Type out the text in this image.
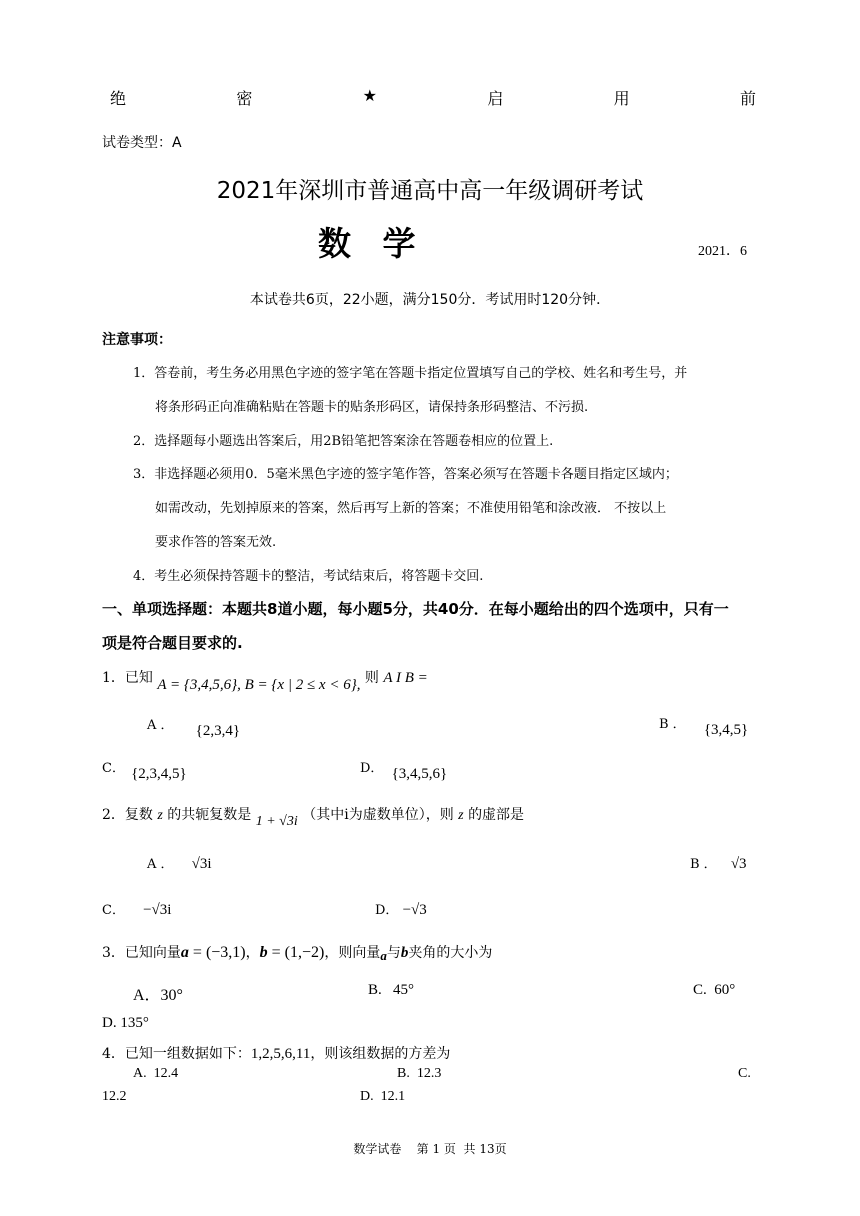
绝	密	★	启	用	前
试卷类型：A
2021年深圳市普通高中高一年级调研考试
数 学	2021．6
本试卷共6页，22小题，满分150分．考试用时120分钟．
注意事项：
1．答卷前，考生务必用黑色字迹的签字笔在答题卡指定位置填写自己的学校、姓名和考生号，并
将条形码正向准确粘贴在答题卡的贴条形码区，请保持条形码整洁、不污损.
2．选择题每小题选出答案后，用2B铅笔把答案涂在答题卷相应的位置上.
3．非选择题必须用0．5毫米黑色字迹的签字笔作答，答案必须写在答题卡各题目指定区域内；
如需改动，先划掉原来的答案，然后再写上新的答案；不准使用铅笔和涂改液． 不按以上
要求作答的答案无效.
4．考生必须保持答题卡的整洁，考试结束后，将答题卡交回.
一、单项选择题：本题共8道小题，每小题5分，共40分．在每小题给出的四个选项中，只有一
项是符合题目要求的.
1．已知 A = {3,4,5,6}, B = {x | 2 ≤ x < 6}, 则 A I B =
A ． {2,3,4}	B ． {3,4,5}
C． {2,3,4,5}	D． {3,4,5,6}
2．复数 z 的共轭复数是 1 + √3i （其中i为虚数单位），则 z 的虚部是
A ． √3i	B ． √3
C． −√3i	D． −√3
3．已知向量a = (−3,1)，b = (1,−2)，则向量a与b夹角的大小为
A．30°	B.   45°	C.  60°
D. 135°
4．已知一组数据如下：1,2,5,6,11，则该组数据的方差为
A.  12.4	B.  12.3	C.
12.2	D.  12.1
数学试卷    第 1 页  共 13页
